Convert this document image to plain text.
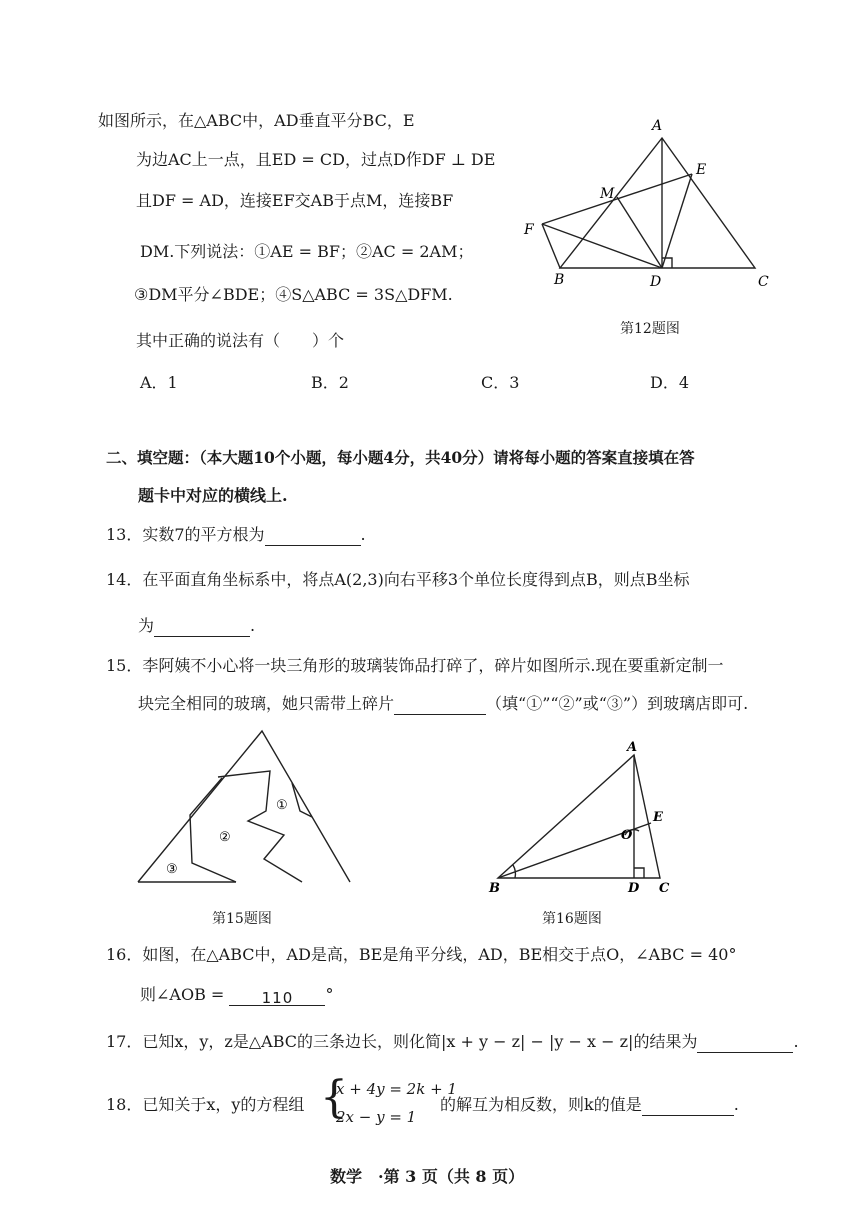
如图所示，在△ABC中，AD垂直平分BC，E
为边AC上一点，且ED = CD，过点D作DF ⊥ DE
且DF = AD，连接EF交AB于点M，连接BF
DM.下列说法：①AE = BF；②AC = 2AM；
③DM平分∠BDE；④S△ABC = 3S△DFM.
其中正确的说法有（　　）个
A．1	B．2	C．3	D．4
A
E
M
F
B	D	C
第12题图
二、填空题：（本大题10个小题，每小题4分，共40分）请将每小题的答案直接填在答
题卡中对应的横线上.
13．实数7的平方根为	.
14．在平面直角坐标系中，将点A(2,3)向右平移3个单位长度得到点B，则点B坐标
为	.
15．李阿姨不小心将一块三角形的玻璃装饰品打碎了，碎片如图所示.现在要重新定制一
块完全相同的玻璃，她只需带上碎片	（填“①”“②”或“③”）到玻璃店即可.
①
②
③
第15题图
A
E
O
B	D C
第16题图
16．如图，在△ABC中，AD是高，BE是角平分线，AD，BE相交于点O，∠ABC = 40°
则∠AOB = 110 °
17．已知x，y，z是△ABC的三条边长，则化简|x + y − z| − |y − x − z|的结果为	.
18．已知关于x，y的方程组 {
x + 4y = 2k + 1
2x − y = 1
的解互为相反数，则k的值是	.
数学　·第 3 页（共 8 页）
